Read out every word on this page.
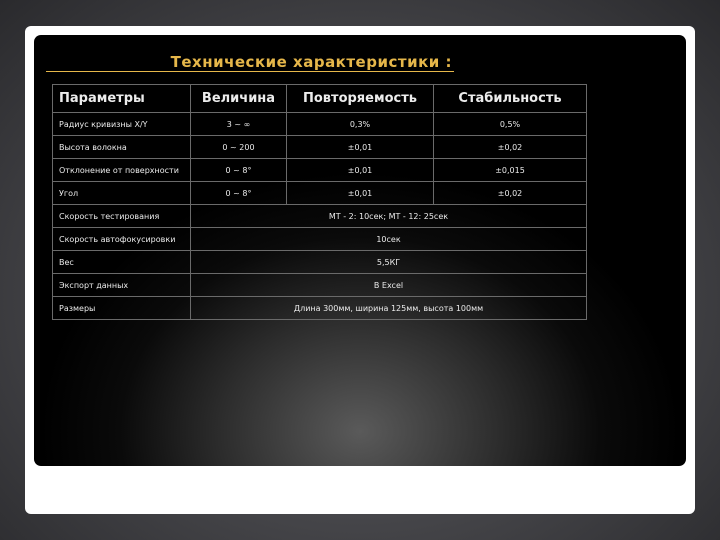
Технические характеристики :
Параметры	Величина	Повторяемость	Стабильность
Радиус кривизны X/Y	3 ~ ∞	0,3%	0,5%
Высота волокна	0 ~ 200	±0,01	±0,02
Отклонение от поверхности	0 ~ 8°	±0,01	±0,015
Угол	0 ~ 8°	±0,01	±0,02
Скорость тестирования	MT - 2: 10сек; MT - 12: 25сек		
Скорость автофокусировки	10сек		
Вес	5,5КГ		
Экспорт данных	В Excel		
Размеры	Длина 300мм, ширина 125мм, высота 100мм		
